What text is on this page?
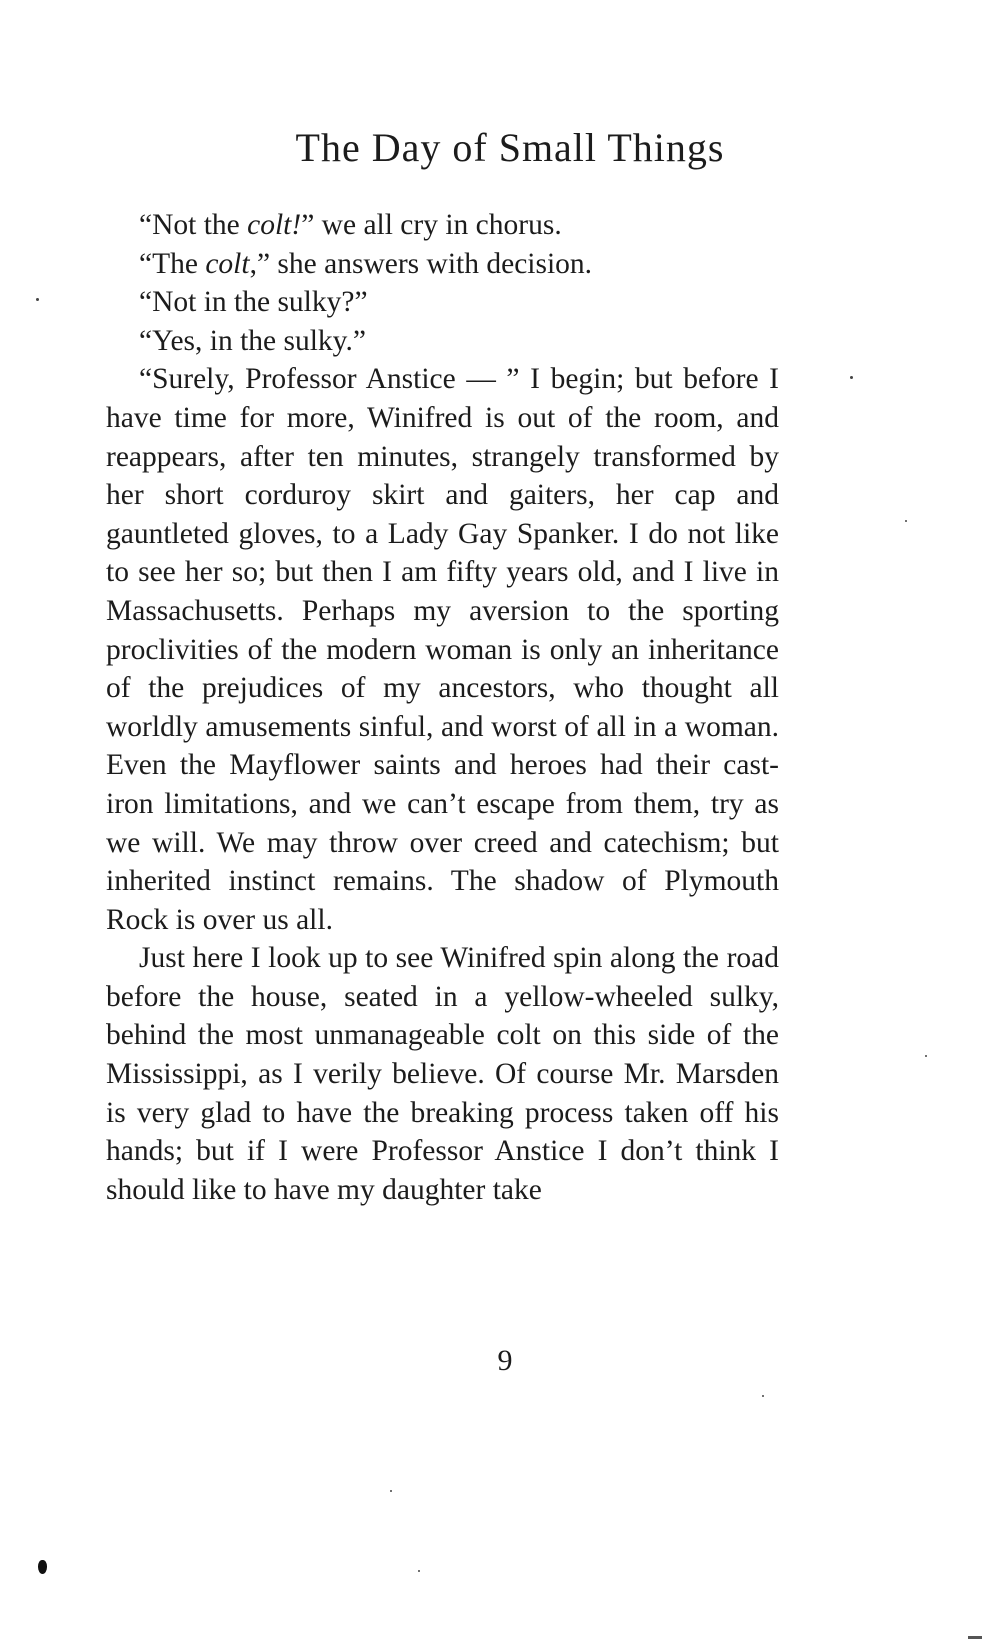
The Day of Small Things

“Not the colt!” we all cry in chorus.

“The colt,” she answers with decision.

“Not in the sulky?”

“Yes, in the sulky.”

“Surely, Professor Anstice — ” I begin; but before I have time for more, Winifred is out of the room, and reappears, after ten minutes, strangely transformed by her short corduroy skirt and gaiters, her cap and gauntleted gloves, to a Lady Gay Spanker. I do not like to see her so; but then I am fifty years old, and I live in Massachusetts. Perhaps my aversion to the sporting proclivities of the modern woman is only an inheritance of the prejudices of my ancestors, who thought all worldly amusements sinful, and worst of all in a woman. Even the Mayflower saints and heroes had their cast-iron limitations, and we can’t escape from them, try as we will. We may throw over creed and catechism; but inherited instinct remains. The shadow of Plymouth Rock is over us all.

Just here I look up to see Winifred spin along the road before the house, seated in a yellow-wheeled sulky, behind the most unmanageable colt on this side of the Mississippi, as I verily believe. Of course Mr. Marsden is very glad to have the breaking process taken off his hands; but if I were Professor Anstice I don’t think I should like to have my daughter take

9
